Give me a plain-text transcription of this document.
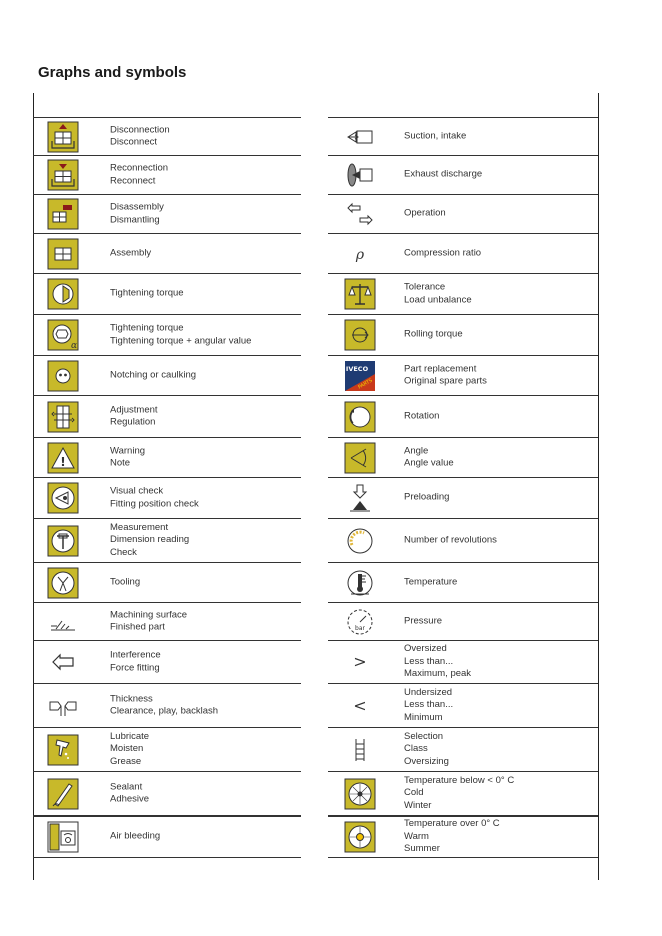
Graphs and symbols
Disconnection
Disconnect
Reconnection
Reconnect
Disassembly
Dismantling
Assembly
Tightening torque
α
Tightening torque
Tightening torque + angular value
Notching or caulking
Adjustment
Regulation
!
Warning
Note
Visual check
Fitting position check
Measurement
Dimension reading
Check
Tooling
Machining surface
Finished part
Interference
Force fitting
Thickness
Clearance, play, backlash
Lubricate
Moisten
Grease
Sealant
Adhesive
Air bleeding
Suction, intake
Exhaust discharge
Operation
ρ	Compression ratio
Tolerance
Load unbalance
Rolling torque
IVECO
PARTS
Part replacement
Original spare parts
Rotation
Angle
Angle value
Preloading
Number of revolutions
Temperature
bar
Pressure
>
Oversized
Less than...
Maximum, peak
<
Undersized
Less than...
Minimum
Selection
Class
Oversizing
Temperature below < 0° C
Cold
Winter
Temperature over 0° C
Warm
Summer
